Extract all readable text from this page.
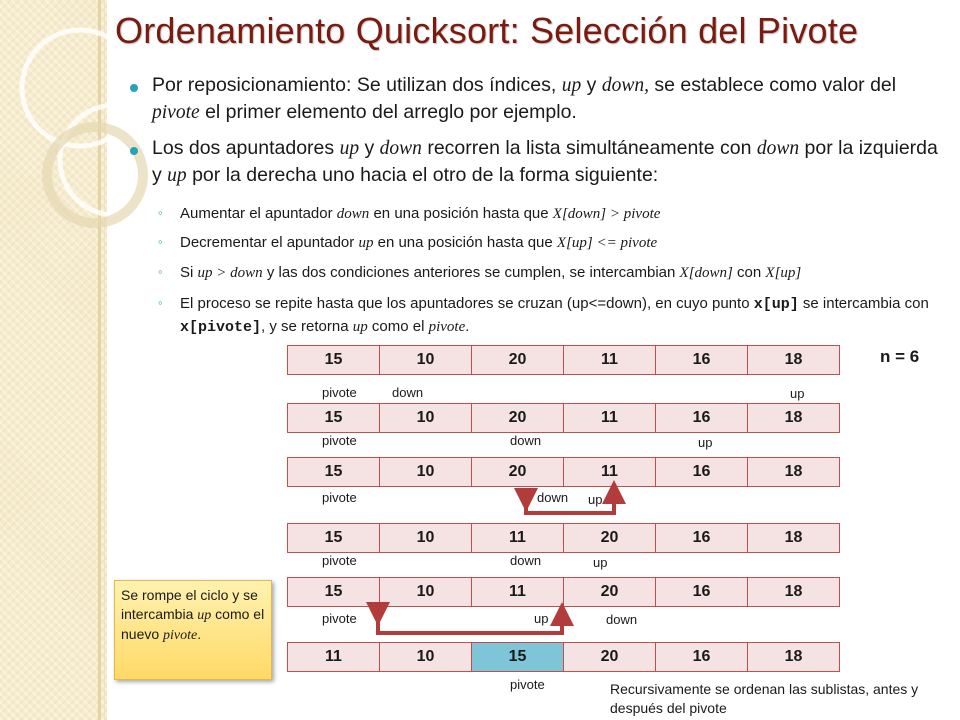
Ordenamiento Quicksort: Selección del Pivote
Por reposicionamiento: Se utilizan dos índices, up y down, se establece como valor del pivote el primer elemento del arreglo por ejemplo.
Los dos apuntadores up y down recorren la lista simultáneamente con down por la izquierda y up por la derecha uno hacia el otro de la forma siguiente:
◦ Aumentar el apuntador down en una posición hasta que X[down] > pivote
◦ Decrementar el apuntador up en una posición hasta que X[up] <= pivote
◦ Si up > down y las dos condiciones anteriores se cumplen, se intercambian X[down] con X[up]
◦ El proceso se repite hasta que los apuntadores se cruzan (up<=down), en cuyo punto x[up] se intercambia con x[pivote], y se retorna up como el pivote.
n = 6
15	10	20	11	16	18
pivote	down	up
15	10	20	11	16	18
pivote	down	up
15	10	20	11	16	18
pivote	down up
15	10	11	20	16	18
pivote	down	up
15	10	11	20	16	18
pivote	up	down
11	10	15	20	16	18
pivote
Se rompe el ciclo y se intercambia up como el nuevo pivote.
Recursivamente se ordenan las sublistas, antes y después del pivote
